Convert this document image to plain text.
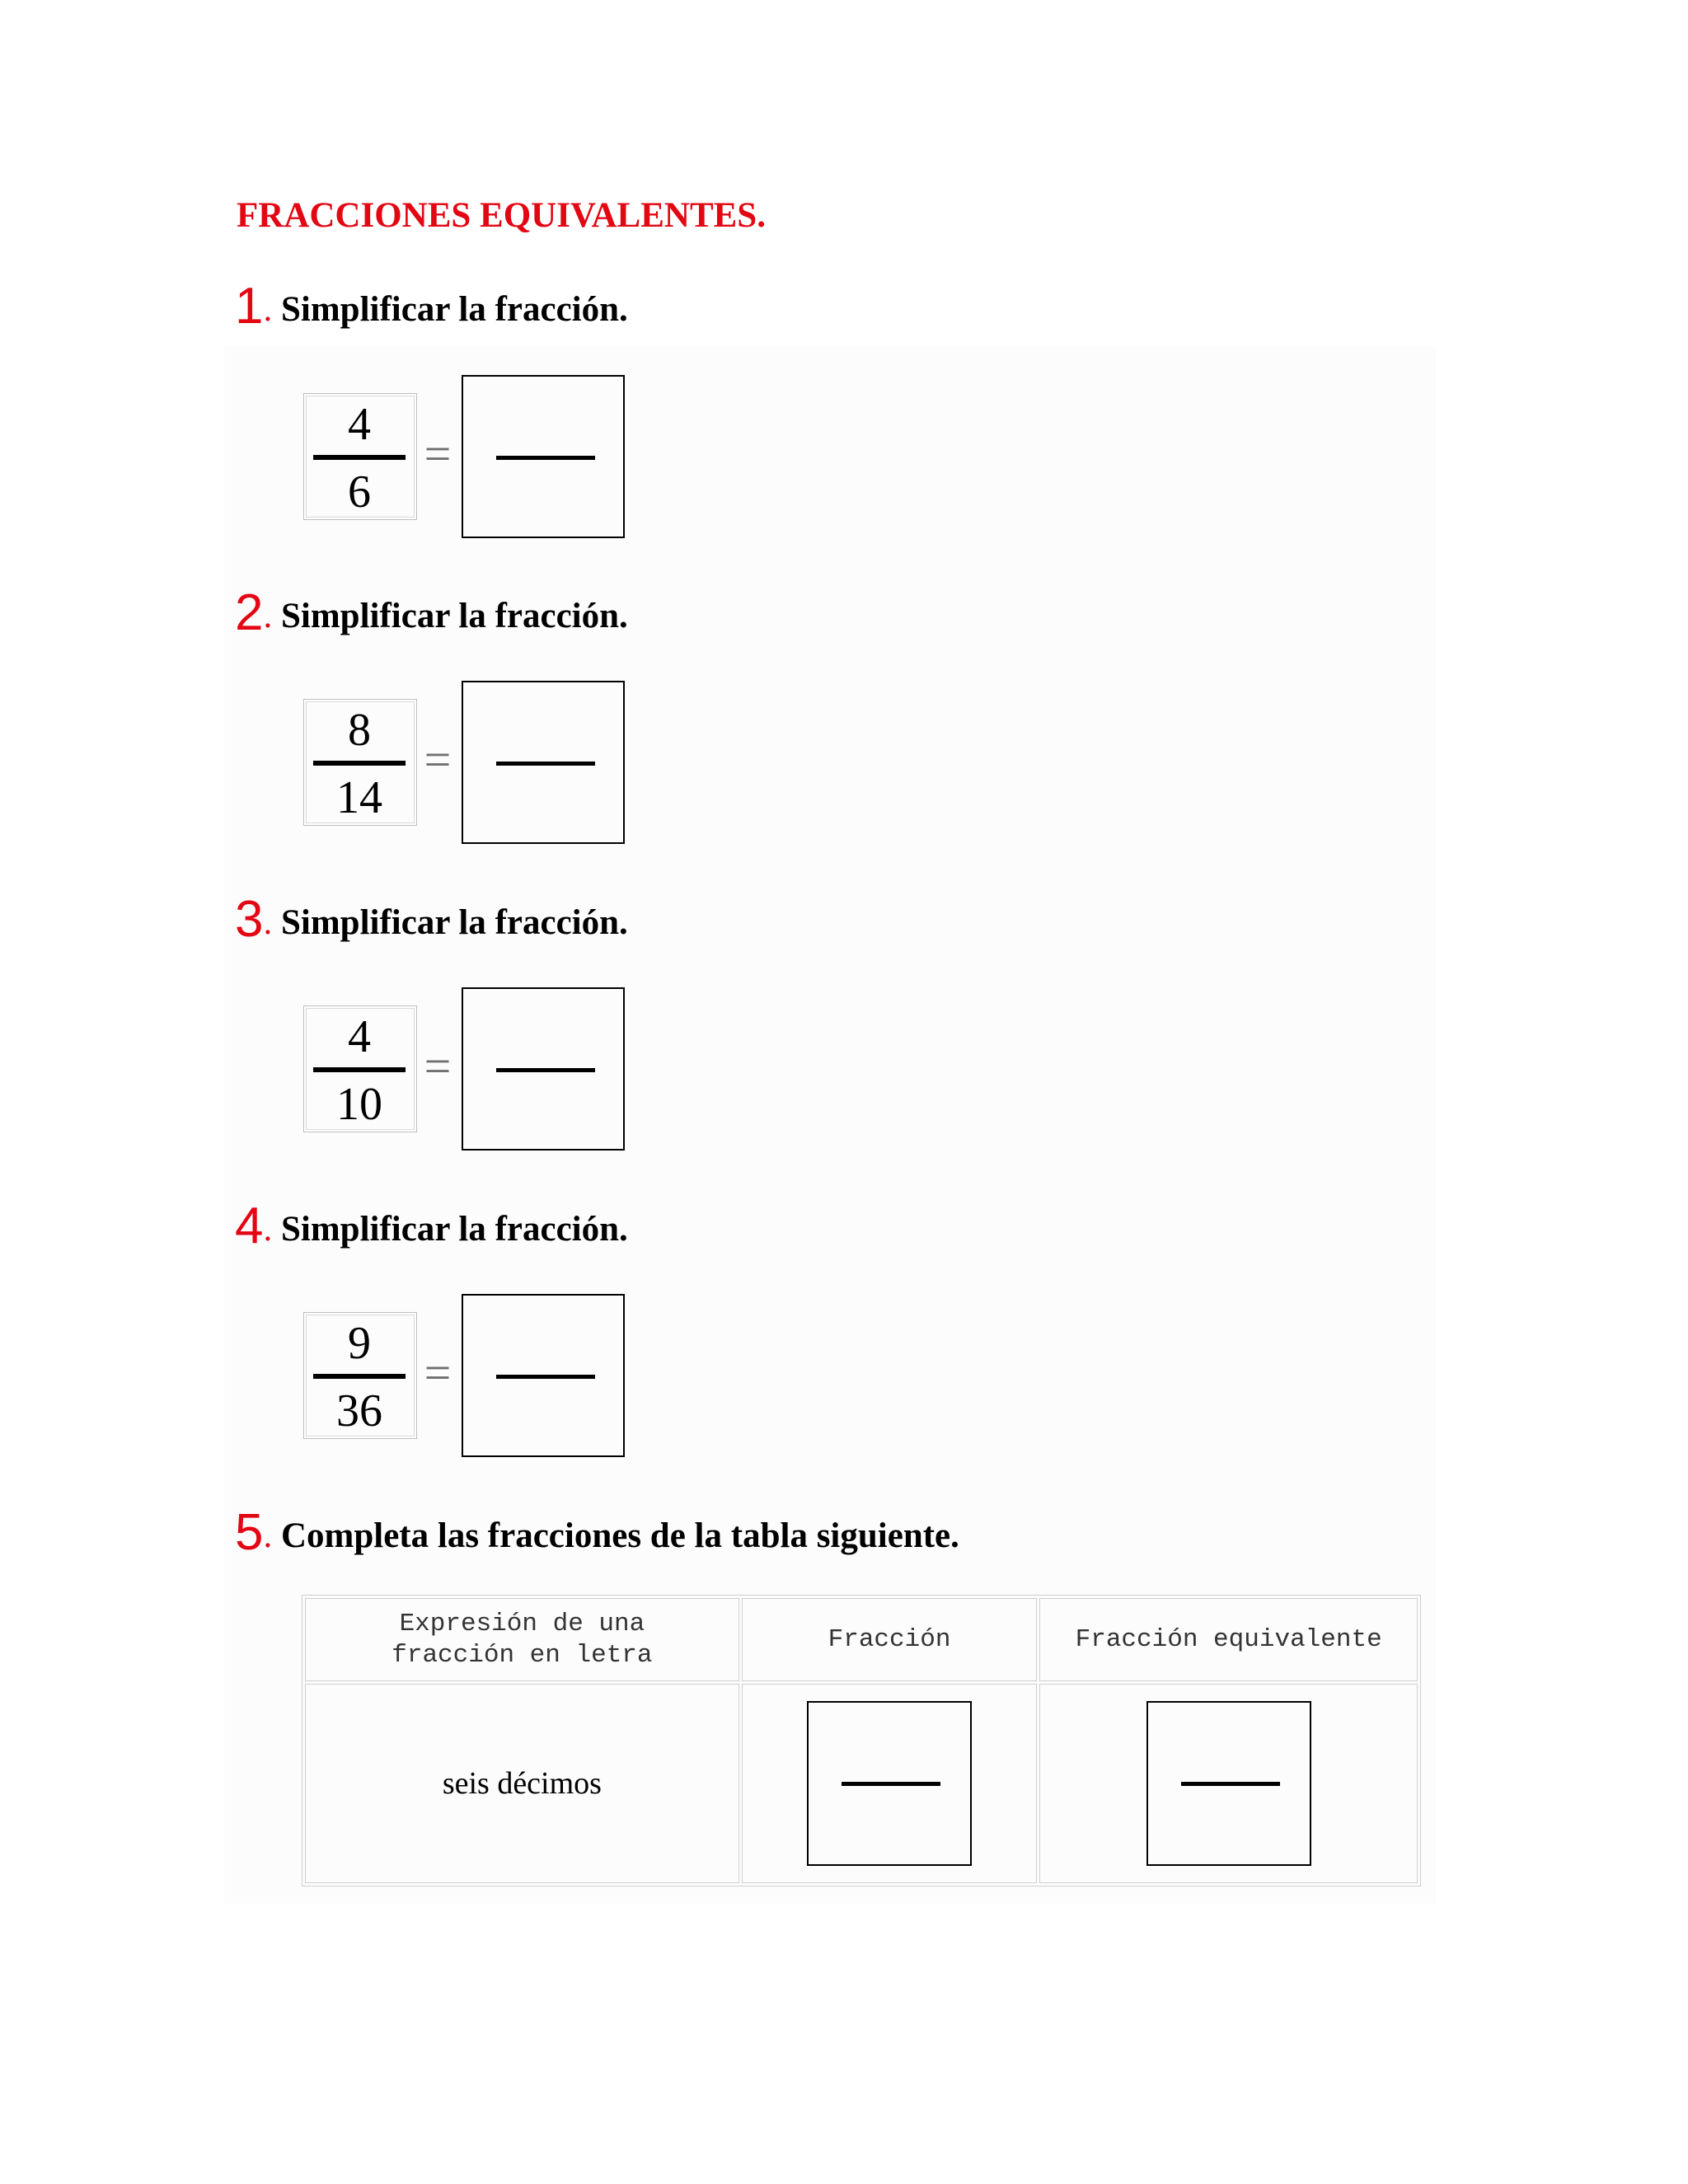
FRACCIONES EQUIVALENTES.
1. Simplificar la fracción.
4
6
=
2. Simplificar la fracción.
8
14
=
3. Simplificar la fracción.
4
10
=
4. Simplificar la fracción.
9
36
=
5. Completa las fracciones de la tabla siguiente.
Expresión de una fracción en letra	Fracción	Fracción equivalente
seis décimos	
